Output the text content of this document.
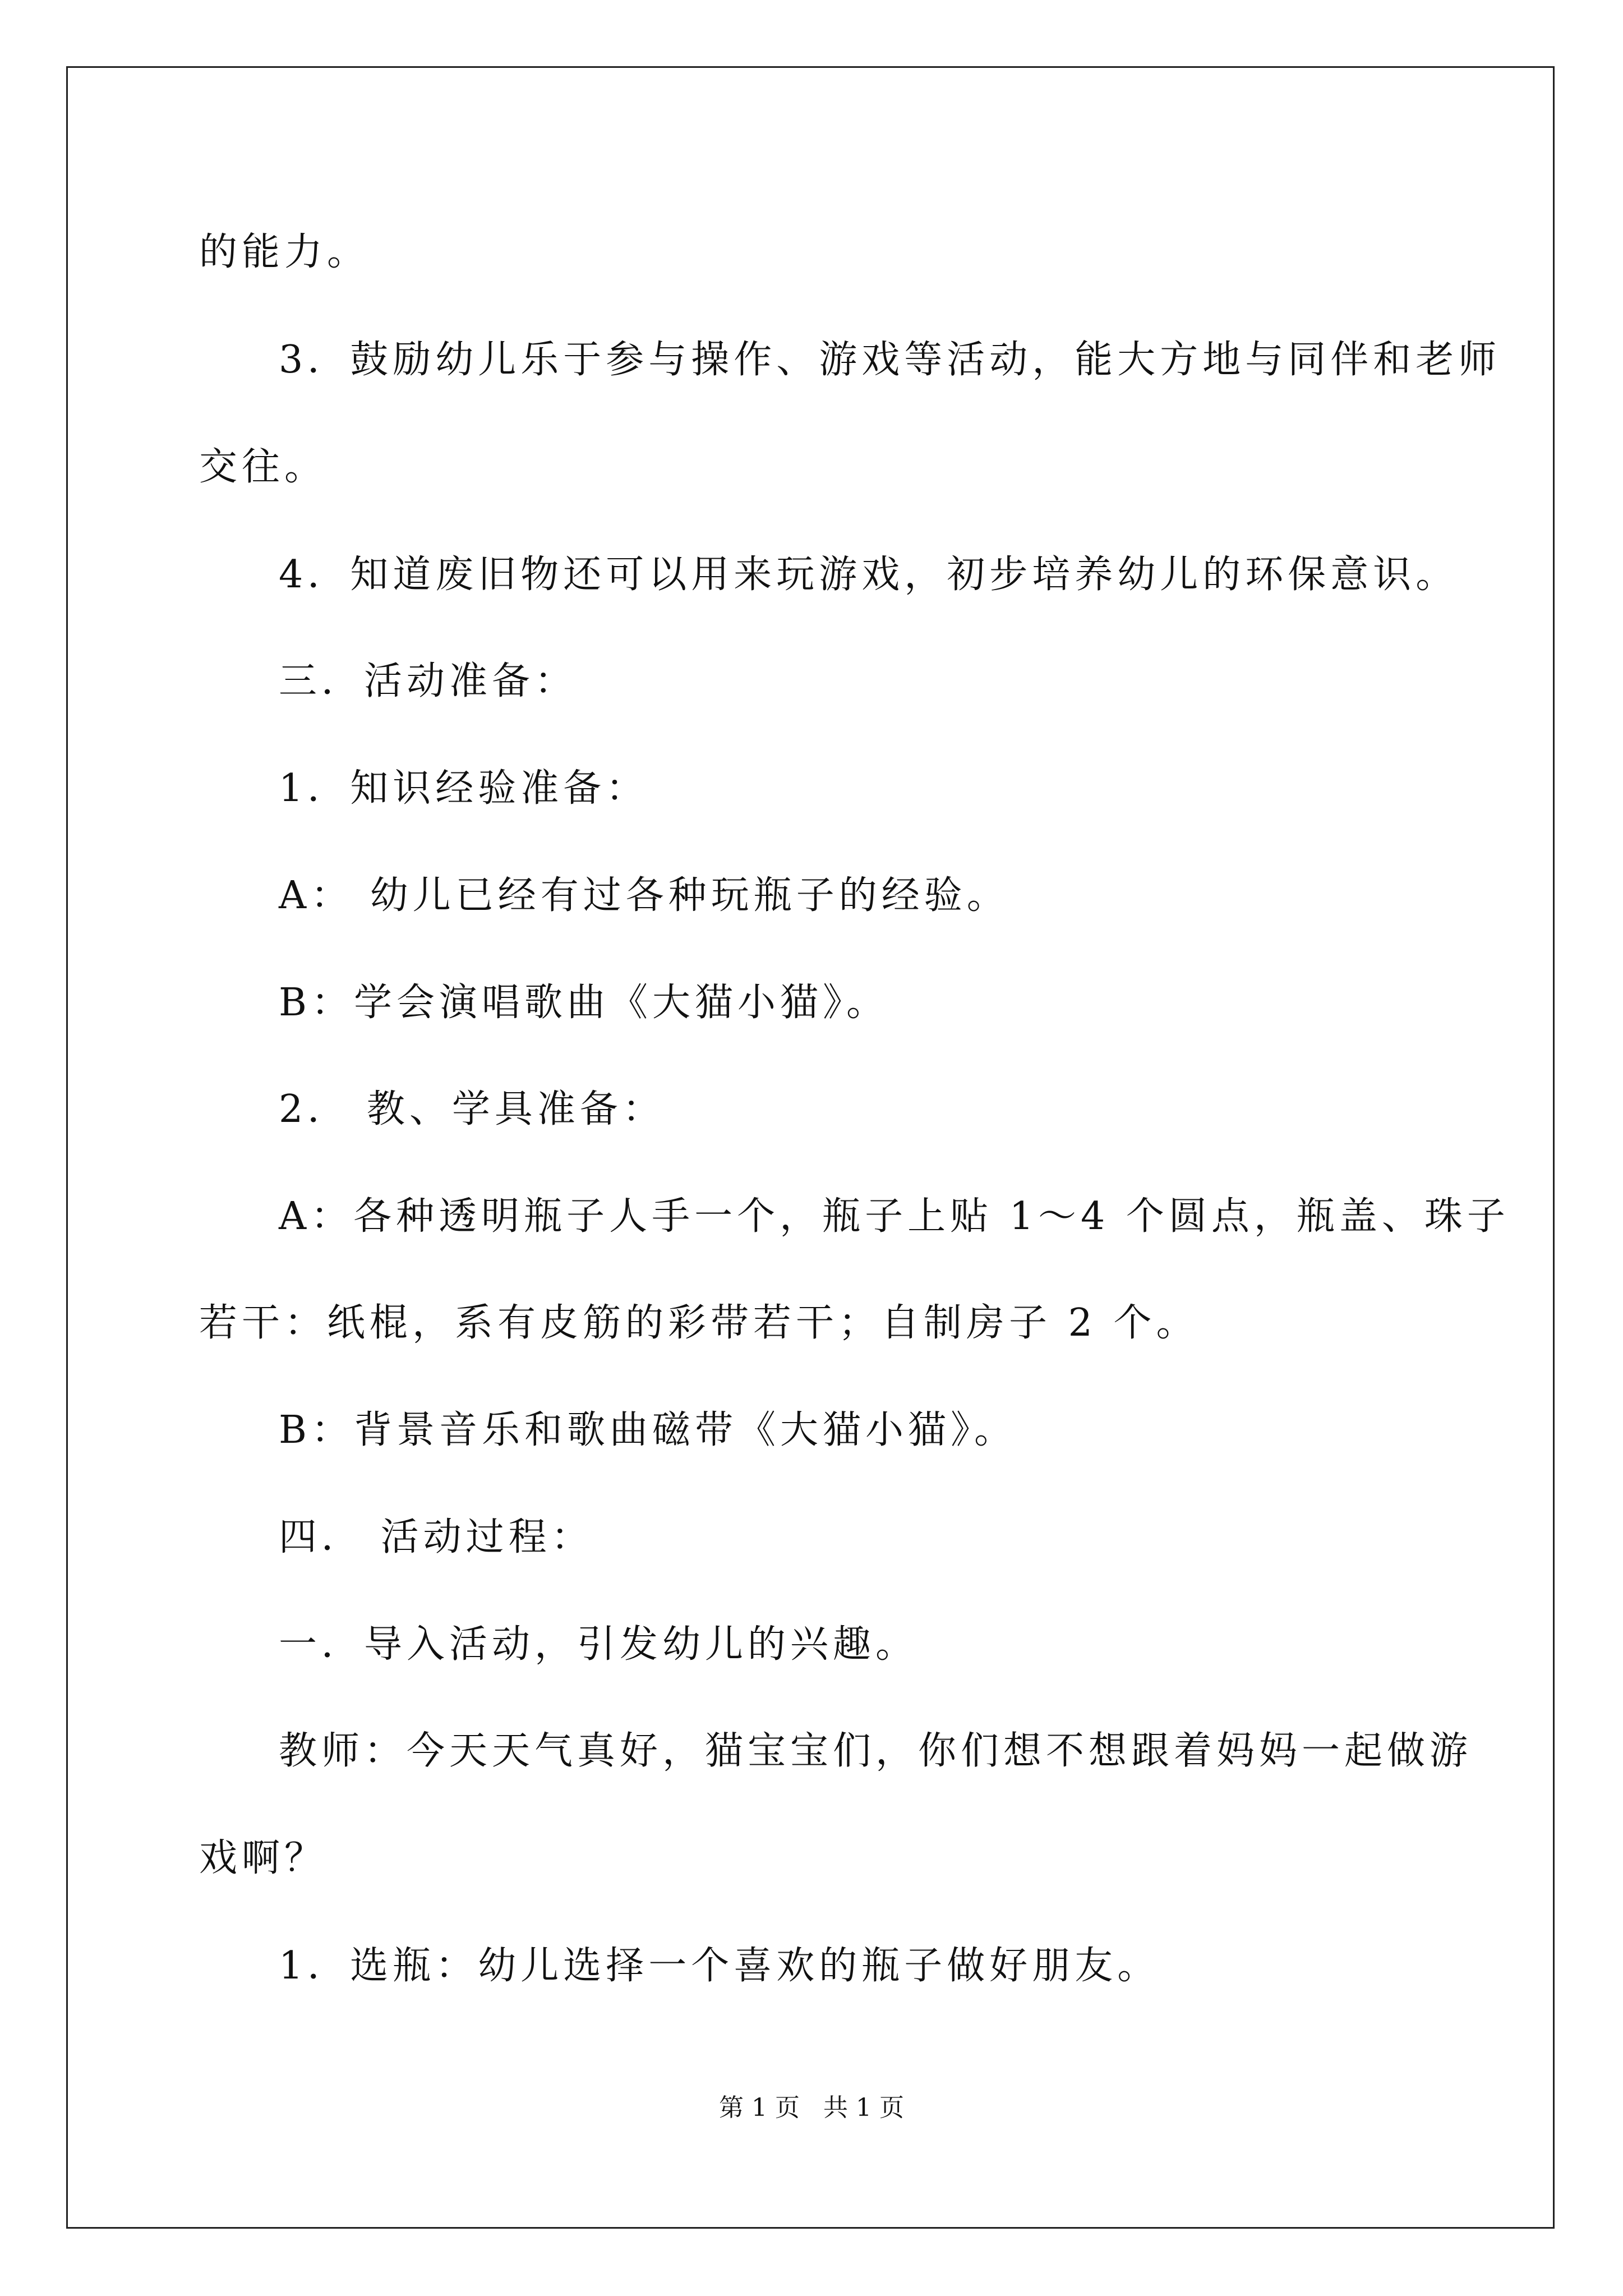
的能力。
3．鼓励幼儿乐于参与操作、游戏等活动，能大方地与同伴和老师
交往。
4．知道废旧物还可以用来玩游戏，初步培养幼儿的环保意识。
三．活动准备：
1．知识经验准备：
A： 幼儿已经有过各种玩瓶子的经验。
B：学会演唱歌曲《大猫小猫》。
2． 教、学具准备：
A：各种透明瓶子人手一个，瓶子上贴 1～4 个圆点，瓶盖、珠子
若干：纸棍，系有皮筋的彩带若干；自制房子 2 个。
B：背景音乐和歌曲磁带《大猫小猫》。
四． 活动过程：
一．导入活动，引发幼儿的兴趣。
教师：今天天气真好，猫宝宝们，你们想不想跟着妈妈一起做游
戏啊？
1．选瓶：幼儿选择一个喜欢的瓶子做好朋友。
第 1 页   共 1 页
